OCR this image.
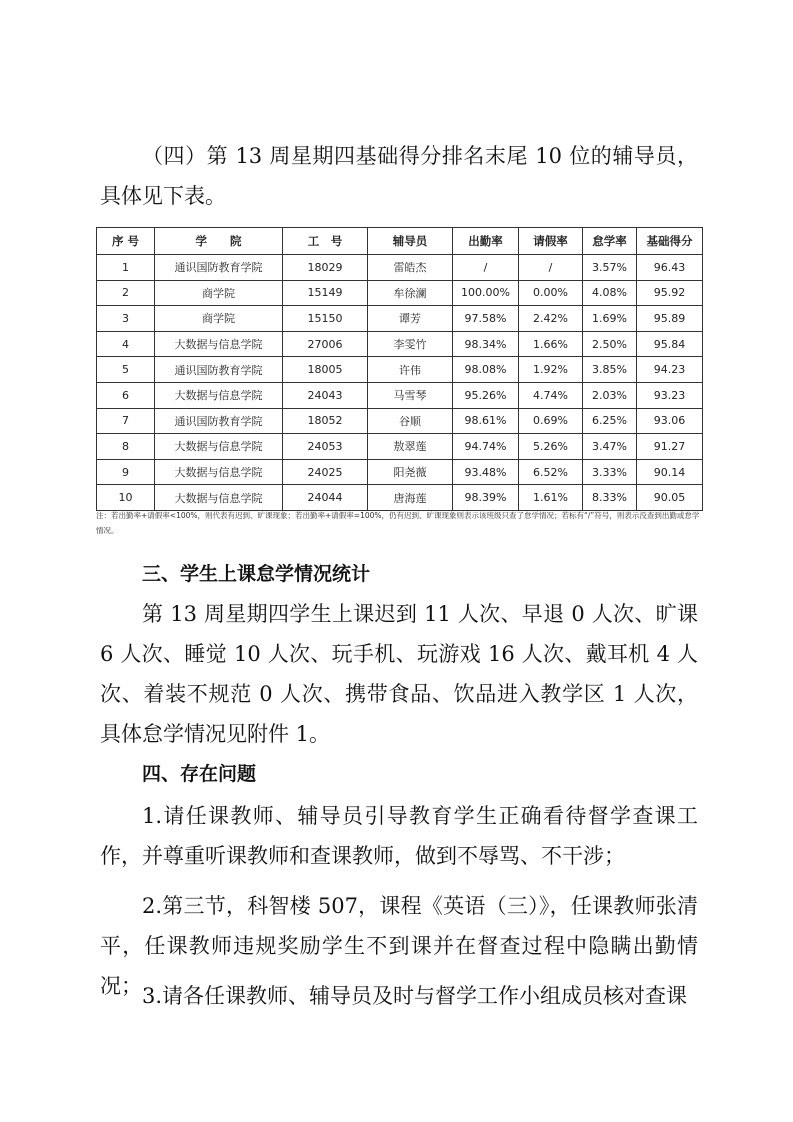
（四）第 13 周星期四基础得分排名末尾 10 位的辅导员，具体见下表。

序 号	学　　院	工　号	辅导员	出勤率	请假率	怠学率	基础得分
1	通识国防教育学院	18029	雷皓杰	/	/	3.57%	96.43
2	商学院	15149	牟徐澜	100.00%	0.00%	4.08%	95.92
3	商学院	15150	谭芳	97.58%	2.42%	1.69%	95.89
4	大数据与信息学院	27006	李雯竹	98.34%	1.66%	2.50%	95.84
5	通识国防教育学院	18005	许伟	98.08%	1.92%	3.85%	94.23
6	大数据与信息学院	24043	马雪琴	95.26%	4.74%	2.03%	93.23
7	通识国防教育学院	18052	谷顺	98.61%	0.69%	6.25%	93.06
8	大数据与信息学院	24053	敖翠莲	94.74%	5.26%	3.47%	91.27
9	大数据与信息学院	24025	阳尧薇	93.48%	6.52%	3.33%	90.14
10	大数据与信息学院	24044	唐海莲	98.39%	1.61%	8.33%	90.05
注：若出勤率+请假率<100%，则代表有迟到、旷课现象；若出勤率+请假率=100%，仍有迟到、旷课现象则表示该班级只查了怠学情况；若标有“/”符号，则表示没查到出勤或怠学情况。
三、学生上课怠学情况统计

第 13 周星期四学生上课迟到 11 人次、早退 0 人次、旷课 6 人次、睡觉 10 人次、玩手机、玩游戏 16 人次、戴耳机 4 人次、着装不规范 0 人次、携带食品、饮品进入教学区 1 人次，具体怠学情况见附件 1。

四、存在问题

1.请任课教师、辅导员引导教育学生正确看待督学查课工作，并尊重听课教师和查课教师，做到不辱骂、不干涉；

2.第三节，科智楼 507，课程《英语（三）》，任课教师张清平，任课教师违规奖励学生不到课并在督查过程中隐瞒出勤情况； 3.请各任课教师、辅导员及时与督学工作小组成员核对查课
